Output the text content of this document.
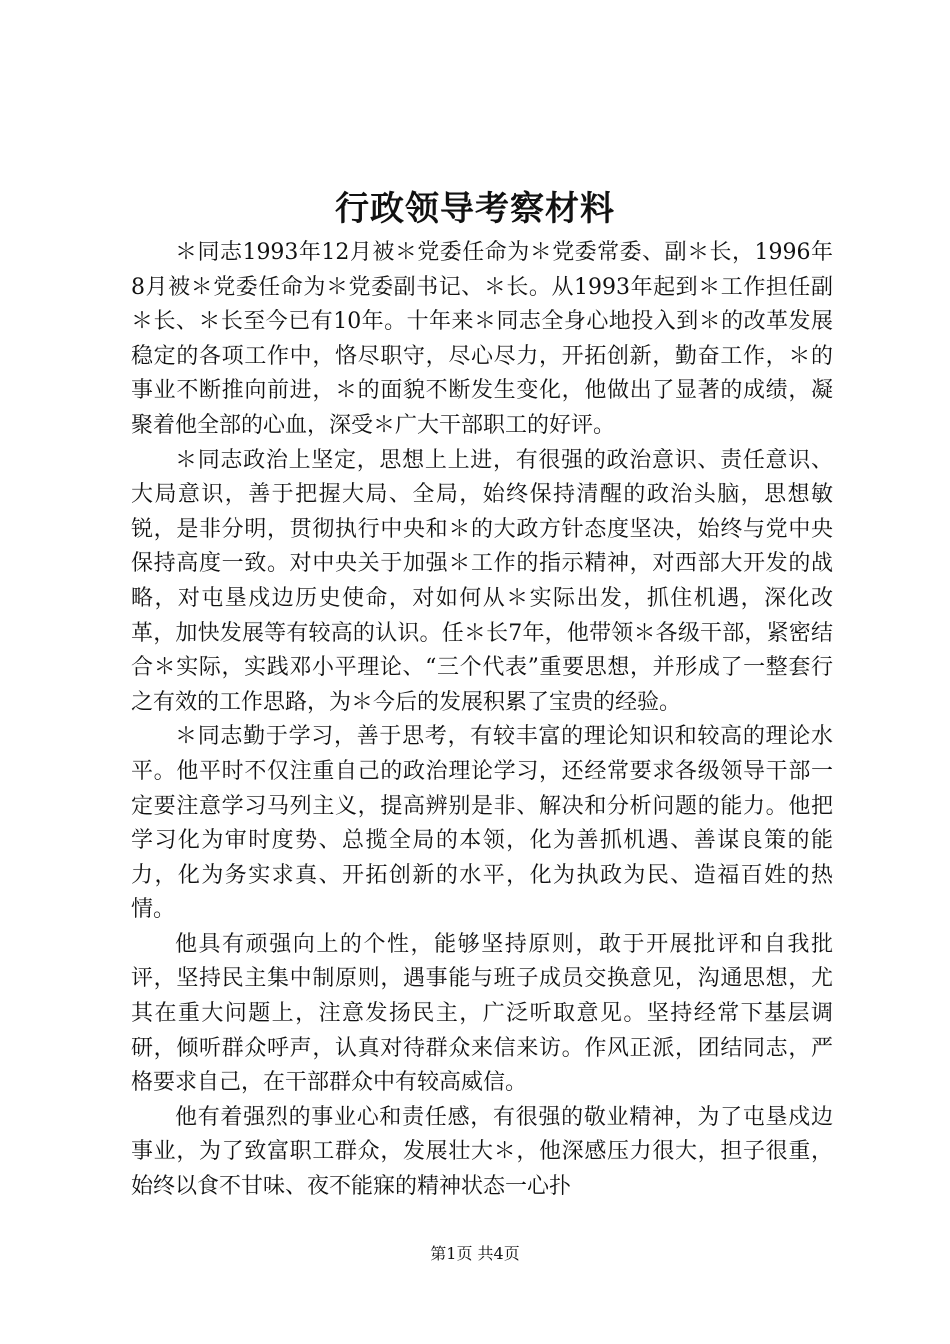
行政领导考察材料

＊同志1993年12月被＊党委任命为＊党委常委、副＊长，1996年8月被＊党委任命为＊党委副书记、＊长。从1993年起到＊工作担任副＊长、＊长至今已有10年。十年来＊同志全身心地投入到＊的改革发展稳定的各项工作中，恪尽职守，尽心尽力，开拓创新，勤奋工作，＊的事业不断推向前进，＊的面貌不断发生变化，他做出了显著的成绩，凝聚着他全部的心血，深受＊广大干部职工的好评。

＊同志政治上坚定，思想上上进，有很强的政治意识、责任意识、大局意识，善于把握大局、全局，始终保持清醒的政治头脑，思想敏锐，是非分明，贯彻执行中央和＊的大政方针态度坚决，始终与党中央保持高度一致。对中央关于加强＊工作的指示精神，对西部大开发的战略，对屯垦戍边历史使命，对如何从＊实际出发，抓住机遇，深化改革，加快发展等有较高的认识。任＊长7年，他带领＊各级干部，紧密结合＊实际，实践邓小平理论、“三个代表”重要思想，并形成了一整套行之有效的工作思路，为＊今后的发展积累了宝贵的经验。

＊同志勤于学习，善于思考，有较丰富的理论知识和较高的理论水平。他平时不仅注重自己的政治理论学习，还经常要求各级领导干部一定要注意学习马列主义，提高辨别是非、解决和分析问题的能力。他把学习化为审时度势、总揽全局的本领，化为善抓机遇、善谋良策的能力，化为务实求真、开拓创新的水平，化为执政为民、造福百姓的热情。

他具有顽强向上的个性，能够坚持原则，敢于开展批评和自我批评，坚持民主集中制原则，遇事能与班子成员交换意见，沟通思想，尤其在重大问题上，注意发扬民主，广泛听取意见。坚持经常下基层调研，倾听群众呼声，认真对待群众来信来访。作风正派，团结同志，严格要求自己，在干部群众中有较高威信。

他有着强烈的事业心和责任感，有很强的敬业精神，为了屯垦戍边事业，为了致富职工群众，发展壮大＊，他深感压力很大，担子很重，始终以食不甘味、夜不能寐的精神状态一心扑

第1页 共4页
